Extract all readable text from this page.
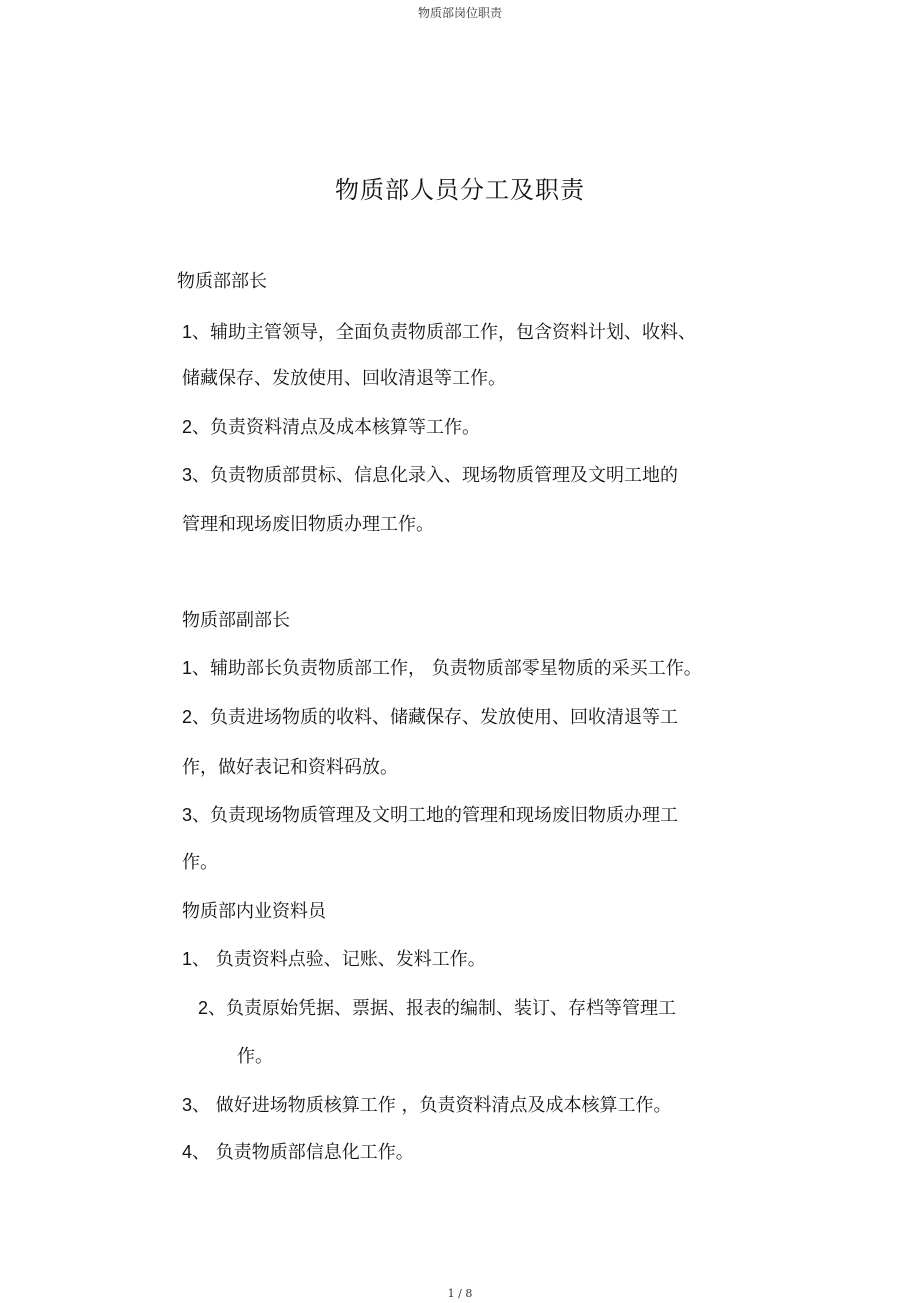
物质部岗位职责
物质部人员分工及职责
物质部部长
1、辅助主管领导，全面负责物质部工作，包含资料计划、收料、
储藏保存、发放使用、回收清退等工作。
2、负责资料清点及成本核算等工作。
3、负责物质部贯标、信息化录入、现场物质管理及文明工地的
管理和现场废旧物质办理工作。
物质部副部长
1、辅助部长负责物质部工作， 负责物质部零星物质的采买工作。
2、负责进场物质的收料、储藏保存、发放使用、回收清退等工
作，做好表记和资料码放。
3、负责现场物质管理及文明工地的管理和现场废旧物质办理工
作。
物质部内业资料员
1、 负责资料点验、记账、发料工作。
2、负责原始凭据、票据、报表的编制、装订、存档等管理工
作。
3、 做好进场物质核算工作 ，负责资料清点及成本核算工作。
4、 负责物质部信息化工作。
1 / 8
